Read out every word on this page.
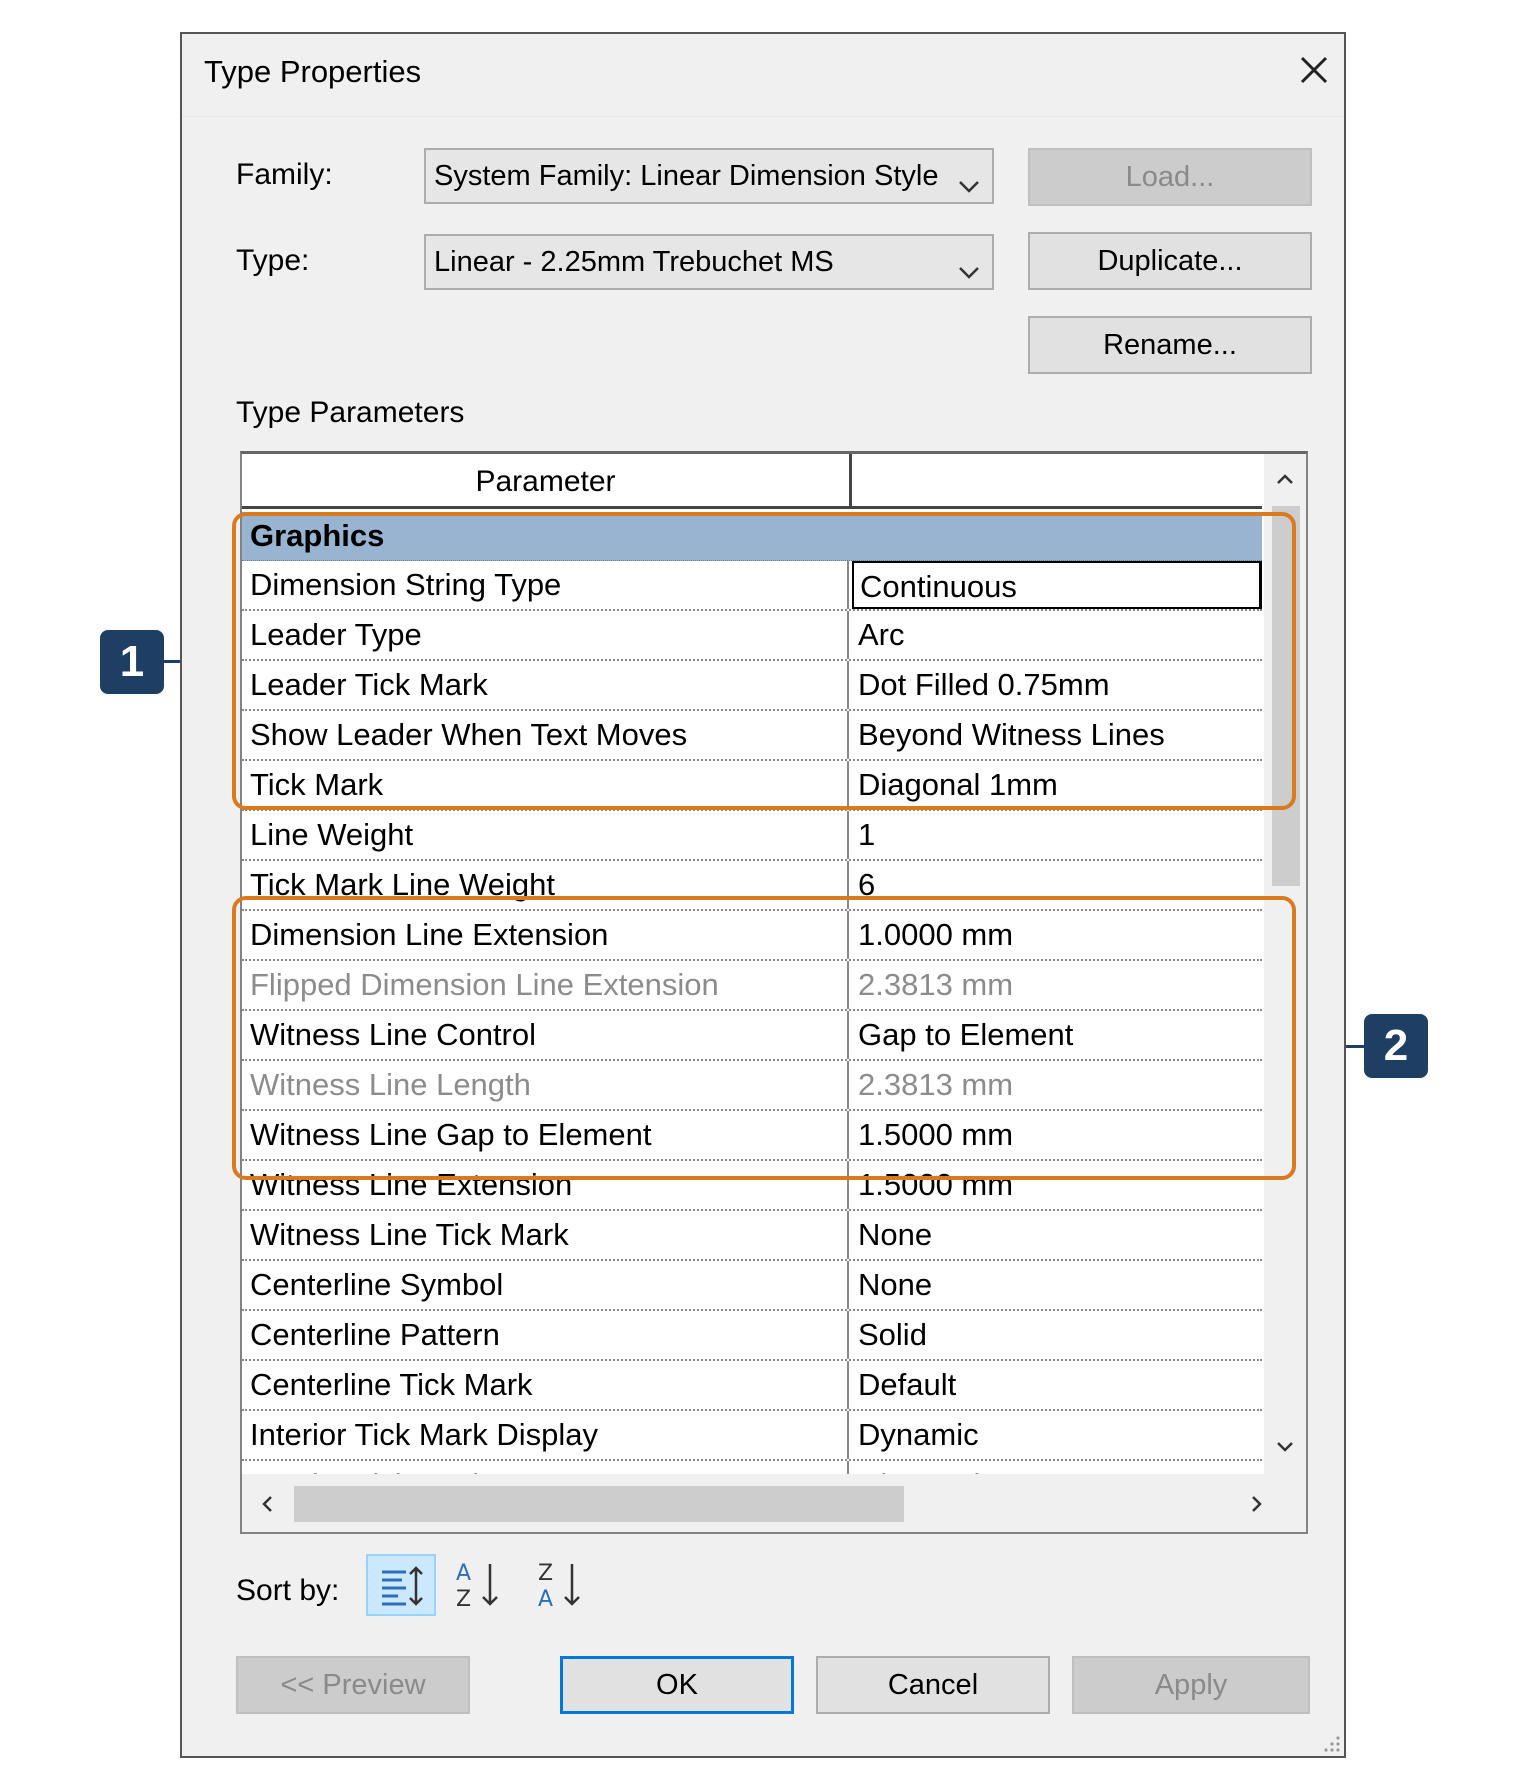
1
2
Type Properties
Family:	System Family: Linear Dimension Style	Load...
Type:	Linear - 2.25mm Trebuchet MS	Duplicate...
Rename...
Type Parameters
Parameter
Graphics
Dimension String Type	Continuous
Leader Type	Arc
Leader Tick Mark	Dot Filled 0.75mm
Show Leader When Text Moves	Beyond Witness Lines
Tick Mark	Diagonal 1mm
Line Weight	1
Tick Mark Line Weight	6
Dimension Line Extension	1.0000 mm
Flipped Dimension Line Extension	2.3813 mm
Witness Line Control	Gap to Element
Witness Line Length	2.3813 mm
Witness Line Gap to Element	1.5000 mm
Witness Line Extension	1.5000 mm
Witness Line Tick Mark	None
Centerline Symbol	None
Centerline Pattern	Solid
Centerline Tick Mark	Default
Interior Tick Mark Display	Dynamic
Sort by:
A
Z
Z
A
<< Preview	OK	Cancel	Apply
